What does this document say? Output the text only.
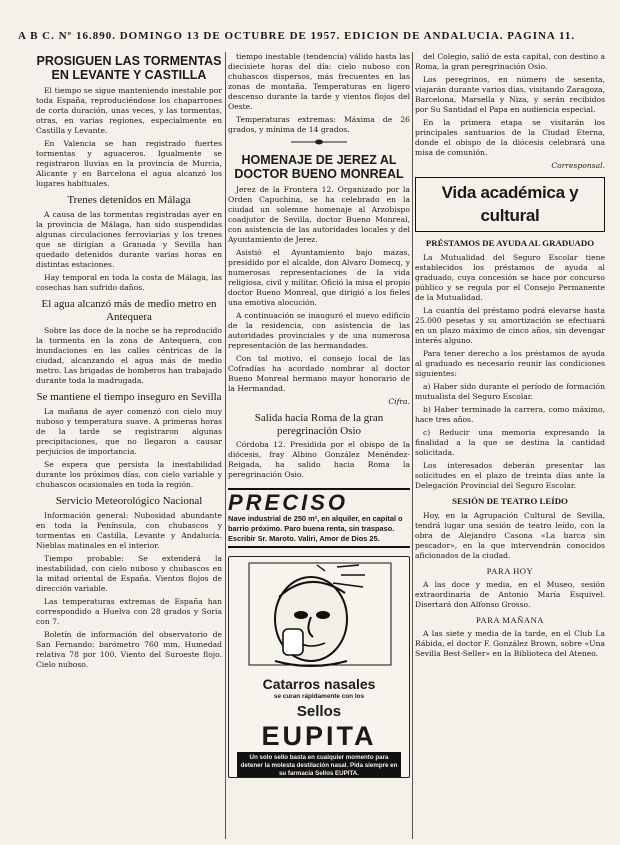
A B C. Nº 16.890. DOMINGO 13 DE OCTUBRE DE 1957. EDICION DE ANDALUCIA. PAGINA 11.
PROSIGUEN LAS TORMENTAS EN LEVANTE Y CASTILLA

El tiempo se sigue manteniendo inestable por toda España, reproduciéndose los chaparrones de corta duración, unas veces, y las tormentas, otras, en varias regiones, especialmente en Castilla y Levante.

En Valencia se han registrado fuertes tormentas y aguaceros. Igualmente se registraron lluvias en la provincia de Murcia, Alicante y en Barcelona el agua alcanzó los lugares habituales.

Trenes detenidos en Málaga

A causa de las tormentas registradas ayer en la provincia de Málaga, han sido suspendidas algunas circulaciones ferroviarias y los trenes que se dirigían a Granada y Sevilla han quedado detenidos durante varias horas en distintas estaciones.

Hay temporal en toda la costa de Málaga, las cosechas han sufrido daños.

El agua alcanzó más de medio metro en Antequera

Sobre las doce de la noche se ha reproducido la tormenta en la zona de Antequera, con inundaciones en las calles céntricas de la ciudad, alcanzando el agua más de medio metro. Las brigadas de bomberos han trabajado durante toda la madrugada.

Se mantiene el tiempo inseguro en Sevilla

La mañana de ayer comenzó con cielo muy nuboso y temperatura suave. A primeras horas de la tarde se registraron algunas precipitaciones, que no llegaron a causar perjuicios de importancia.

Se espera que persista la inestabilidad durante los próximos días, con cielo variable y chubascos ocasionales en toda la región.

Servicio Meteorológico Nacional

Información general: Nubosidad abundante en toda la Península, con chubascos y tormentas en Castilla, Levante y Andalucía. Nieblas matinales en el interior.

Tiempo probable: Se extenderá la inestabilidad, con cielo nuboso y chubascos en la mitad oriental de España. Vientos flojos de dirección variable.

Las temperaturas extremas de España han correspondido a Huelva con 28 grados y Soria con 7.

Boletín de información del observatorio de San Fernando: barómetro 760 mm. Humedad relativa 78 por 100. Viento del Suroeste flojo. Cielo nuboso.

tiempo inestable (tendencia) válido hasta las diecisiete horas del día: cielo nuboso con chubascos dispersos, más frecuentes en las zonas de montaña. Temperaturas en ligero descenso durante la tarde y vientos flojos del Oeste.

Temperaturas extremas: Máxima de 26 grados, y mínima de 14 grados.

HOMENAJE DE JEREZ AL DOCTOR BUENO MONREAL

Jerez de la Frontera 12. Organizado por la Orden Capuchina, se ha celebrado en la ciudad un solemne homenaje al Arzobispo coadjutor de Sevilla, doctor Bueno Monreal, con asistencia de las autoridades locales y del Ayuntamiento de Jerez.

Asistió el Ayuntamiento bajo mazas, presidido por el alcalde, don Alvaro Domecq, y numerosas representaciones de la vida religiosa, civil y militar. Ofició la misa el propio doctor Bueno Monreal, que dirigió a los fieles una emotiva alocución.

A continuación se inauguró el nuevo edificio de la residencia, con asistencia de las autoridades provinciales y de una numerosa representación de las hermandades.

Con tal motivo, el consejo local de las Cofradías ha acordado nombrar al doctor Bueno Monreal hermano mayor honorario de la Hermandad.

Cifra.
Salida hacia Roma de la gran peregrinación Osio

Córdoba 12. Presidida por el obispo de la diócesis, fray Albino González Menéndez-Reigada, ha salido hacia Roma la peregrinación Osio.

PRECISO
Nave industrial de 250 m², en alquiler, en capital o barrio próximo. Paro buena renta, sin traspaso. Escribir Sr. Maroto. Valiri, Amor de Dios 25.
Catarros nasales
se curan rápidamente con los
Sellos
EUPITA
Un solo sello basta en cualquier momento para detener la molesta destilación nasal. Pida siempre en su farmacia Sellos EUPITA.

del Colegio, salió de esta capital, con destino a Roma, la gran peregrinación Osio.

Los peregrinos, en número de sesenta, viajarán durante varios días, visitando Zaragoza, Barcelona, Marsella y Niza, y serán recibidos por Su Santidad el Papa en audiencia especial.

En la primera etapa se visitarán los principales santuarios de la Ciudad Eterna, donde el obispo de la diócesis celebrará una misa de comunión.

Corresponsal.
Vida académica y cultural
PRÉSTAMOS DE AYUDA AL GRADUADO

La Mutualidad del Seguro Escolar tiene establecidos los préstamos de ayuda al graduado, cuya concesión se hace por concurso público y se regula por el Consejo Permanente de la Mutualidad.

La cuantía del préstamo podrá elevarse hasta 25.000 pesetas y su amortización se efectuará en un plazo máximo de cinco años, sin devengar interés alguno.

Para tener derecho a los préstamos de ayuda al graduado es necesario reunir las condiciones siguientes:

a) Haber sido durante el período de formación mutualista del Seguro Escolar.

b) Haber terminado la carrera, como máximo, hace tres años.

c) Reducir una memoria expresando la finalidad a la que se destina la cantidad solicitada.

Los interesados deberán presentar las solicitudes en el plazo de treinta días ante la Delegación Provincial del Seguro Escolar.

SESIÓN DE TEATRO LEÍDO

Hoy, en la Agrupación Cultural de Sevilla, tendrá lugar una sesión de teatro leído, con la obra de Alejandro Casona «La barca sin pescador», en la que intervendrán conocidos aficionados de la ciudad.

PARA HOY

A las doce y media, en el Museo, sesión extraordinaria de Antonio María Esquivel. Disertará don Alfonso Grosso.

PARA MAÑANA

A las siete y media de la tarde, en el Club La Rábida, el doctor F. González Brown, sobre «Una Sevilla Best-Seller» en la Biblioteca del Ateneo.
